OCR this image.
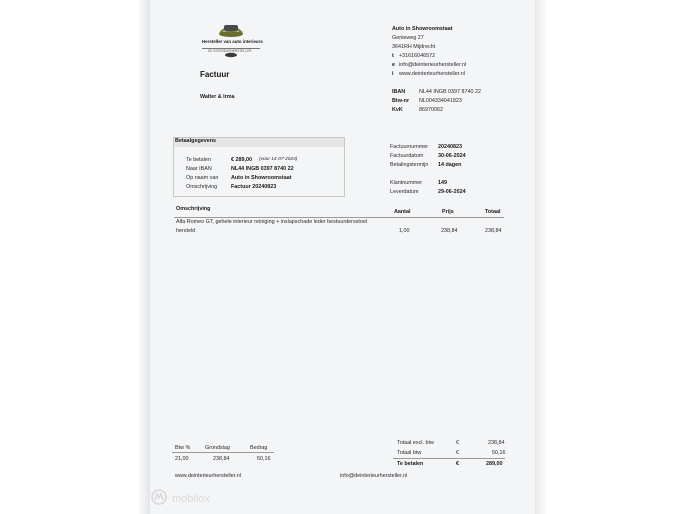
Hersteller van auto interieurs
DE INTERIEURHERSTELLER
Factuur
Walter & Irma
Auto in Showroomstaat
Genieweg 27
3641RH Mijdrecht
t +31616046572
e info@deinterieurhersteller.nl
i www.deinterieurhersteller.nl
IBAN	NL44 INGB 0397 8740 22
Btw-nr NL004334041823
KvK	86970062
Betaalgegevens
Te betalen	€ 289,00 (voor 14-07-2024)
Naar IBAN	NL44 INGB 0397 8740 22
Op naam van Auto in Showroomstaat
Omschrijving	Factuur 20240823
Factuurnummer 20240823
Factuurdatum	30-06-2024
Betalingstermijn 14 dagen
Klantnummer	149
Leverdatum	29-06-2024
Omschrijving	Aantal	Prijs	Totaal
Alfa Romeo GT, gehele interieur reiniging + inslapschade leder bestuurdersstoel
hersteld	1,00	238,84	238,84
Btw %	Grondslag	Bedrag
21,00	238,84	50,16
Totaal excl. btw	€	238,84
Totaal btw	€	50,16
Te betalen	€	289,00
www.deinterieurhersteller.nl	info@deinterieurhersteller.nl
mobilox
